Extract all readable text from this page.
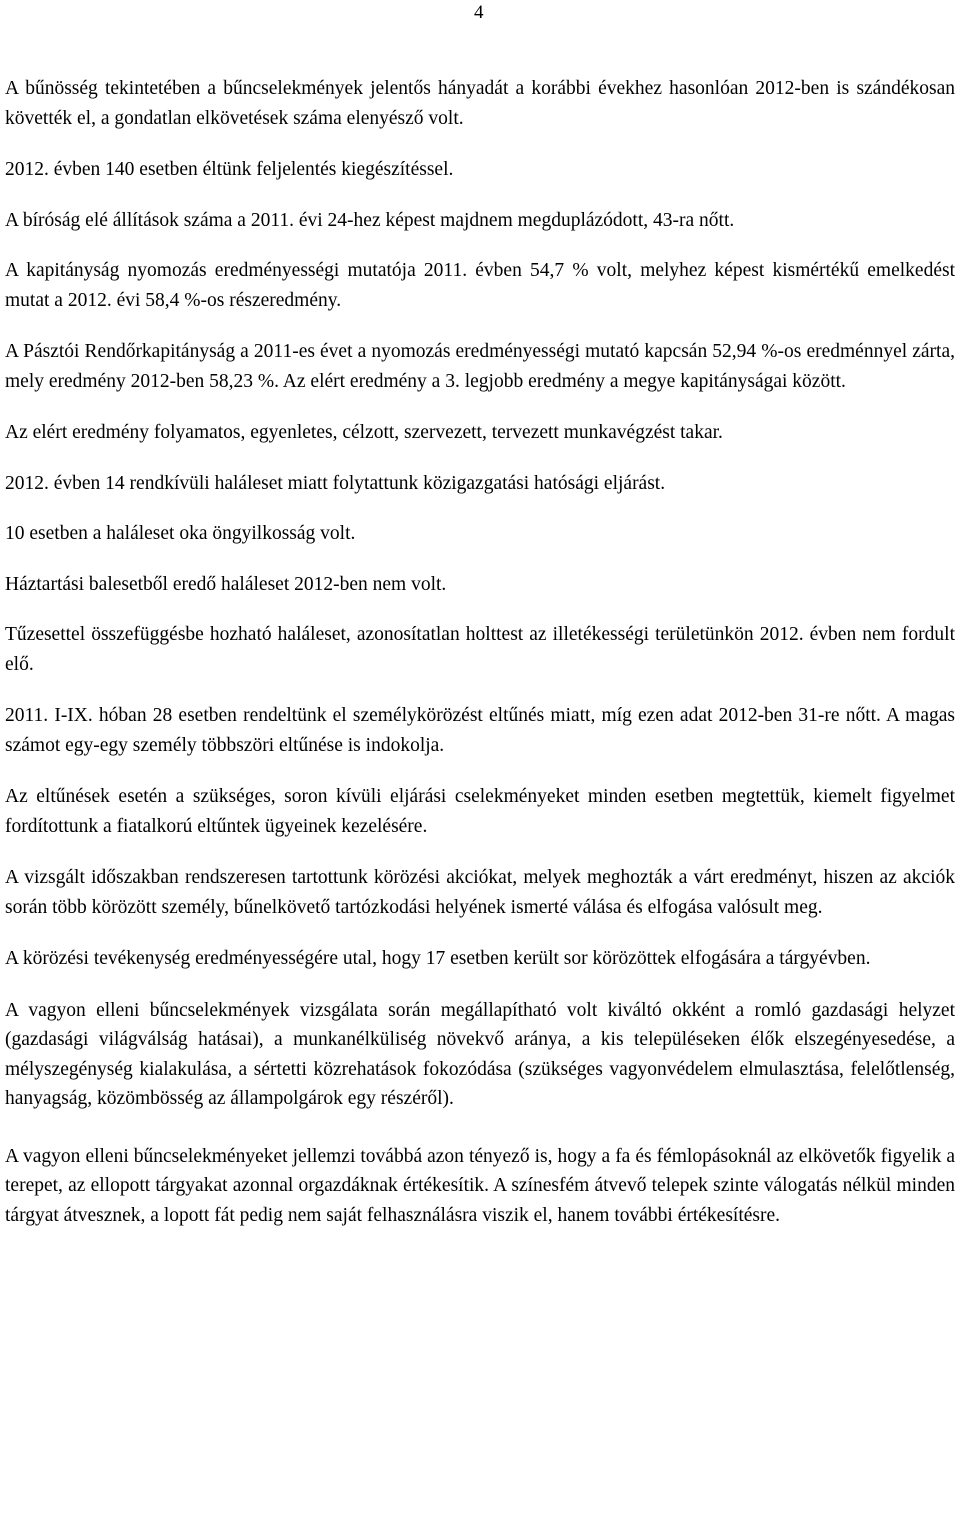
4

A bűnösség tekintetében a bűncselekmények jelentős hányadát a korábbi évekhez hasonlóan 2012-ben is szándékosan követték el, a gondatlan elkövetések száma elenyésző volt.

2012. évben 140 esetben éltünk feljelentés kiegészítéssel.

A bíróság elé állítások száma a 2011. évi 24-hez képest majdnem megduplázódott, 43-ra nőtt.

A kapitányság nyomozás eredményességi mutatója 2011. évben 54,7 % volt, melyhez képest kismértékű emelkedést mutat a 2012. évi 58,4 %-os részeredmény.

A Pásztói Rendőrkapitányság a 2011-es évet a nyomozás eredményességi mutató kapcsán 52,94 %-os eredménnyel zárta, mely eredmény 2012-ben 58,23 %. Az elért eredmény a 3. legjobb eredmény a megye kapitányságai között.

Az elért eredmény folyamatos, egyenletes, célzott, szervezett, tervezett munkavégzést takar.

2012. évben 14 rendkívüli haláleset miatt folytattunk közigazgatási hatósági eljárást.

10 esetben a haláleset oka öngyilkosság volt.

Háztartási balesetből eredő haláleset 2012-ben nem volt.

Tűzesettel összefüggésbe hozható haláleset, azonosítatlan holttest az illetékességi területünkön 2012. évben nem fordult elő.

2011. I-IX. hóban 28 esetben rendeltünk el személykörözést eltűnés miatt, míg ezen adat 2012-ben 31-re nőtt. A magas számot egy-egy személy többszöri eltűnése is indokolja.

Az eltűnések esetén a szükséges, soron kívüli eljárási cselekményeket minden esetben megtettük, kiemelt figyelmet fordítottunk a fiatalkorú eltűntek ügyeinek kezelésére.

A vizsgált időszakban rendszeresen tartottunk körözési akciókat, melyek meghozták a várt eredményt, hiszen az akciók során több körözött személy, bűnelkövető tartózkodási helyének ismerté válása és elfogása valósult meg.

A körözési tevékenység eredményességére utal, hogy 17 esetben került sor körözöttek elfogására a tárgyévben.

A vagyon elleni bűncselekmények vizsgálata során megállapítható volt kiváltó okként a romló gazdasági helyzet (gazdasági világválság hatásai), a munkanélküliség növekvő aránya, a kis településeken élők elszegényesedése, a mélyszegénység kialakulása, a sértetti közrehatások fokozódása (szükséges vagyonvédelem elmulasztása, felelőtlenség, hanyagság, közömbösség az állampolgárok egy részéről).

A vagyon elleni bűncselekményeket jellemzi továbbá azon tényező is, hogy a fa és fémlopásoknál az elkövetők figyelik a terepet, az ellopott tárgyakat azonnal orgazdáknak értékesítik. A színesfém átvevő telepek szinte válogatás nélkül minden tárgyat átvesznek, a lopott fát pedig nem saját felhasználásra viszik el, hanem további értékesítésre.
